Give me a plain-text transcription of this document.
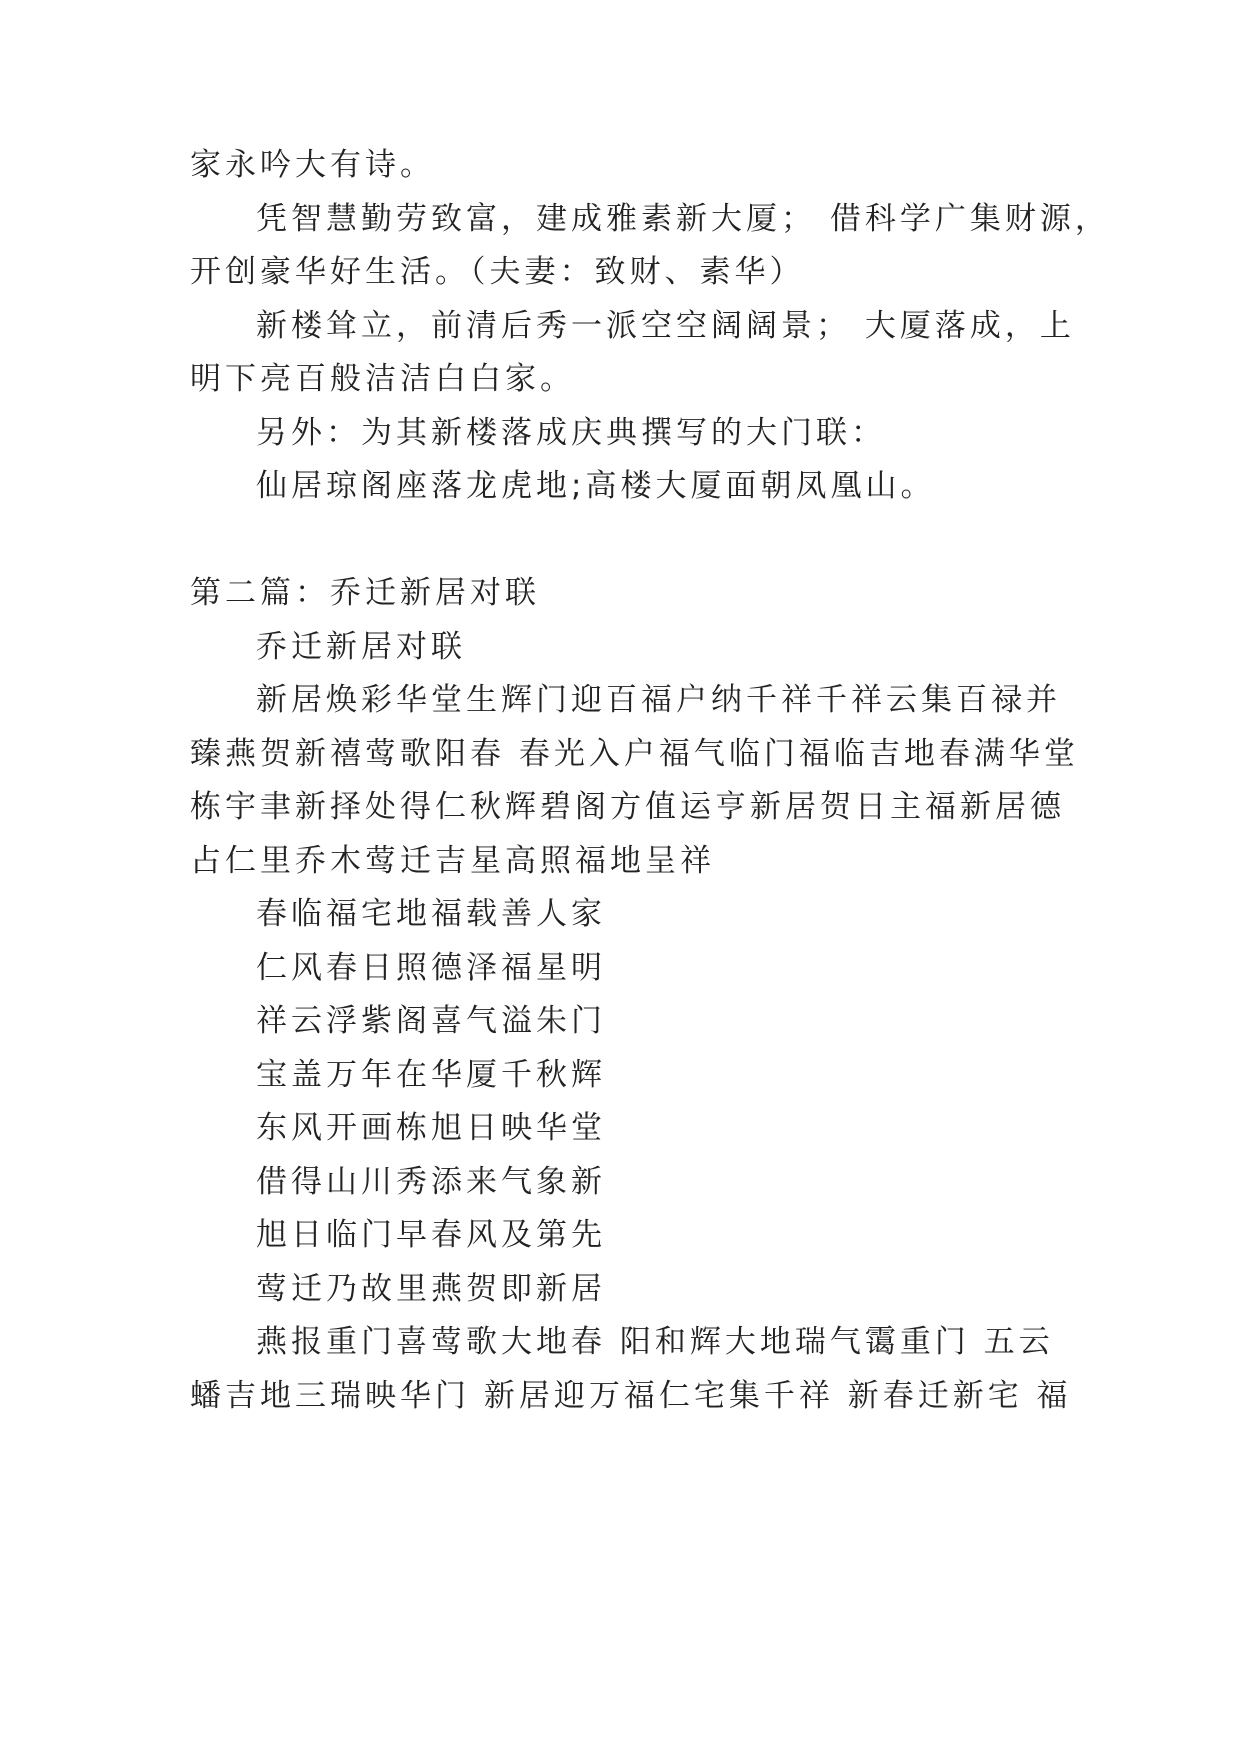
家永吟大有诗。
凭智慧勤劳致富，建成雅素新大厦； 借科学广集财源，
开创豪华好生活。（夫妻：致财、素华）
新楼耸立，前清后秀一派空空阔阔景； 大厦落成，上
明下亮百般洁洁白白家。
另外：为其新楼落成庆典撰写的大门联：
仙居琼阁座落龙虎地;高楼大厦面朝凤凰山。
第二篇：乔迁新居对联
乔迁新居对联
新居焕彩华堂生辉门迎百福户纳千祥千祥云集百禄并
臻燕贺新禧莺歌阳春 春光入户福气临门福临吉地春满华堂
栋宇聿新择处得仁秋辉碧阁方值运亨新居贺日主福新居德
占仁里乔木莺迁吉星高照福地呈祥
春临福宅地福载善人家
仁风春日照德泽福星明
祥云浮紫阁喜气溢朱门
宝盖万年在华厦千秋辉
东风开画栋旭日映华堂
借得山川秀添来气象新
旭日临门早春风及第先
莺迁乃故里燕贺即新居
燕报重门喜莺歌大地春 阳和辉大地瑞气霭重门 五云
蟠吉地三瑞映华门 新居迎万福仁宅集千祥 新春迁新宅 福
